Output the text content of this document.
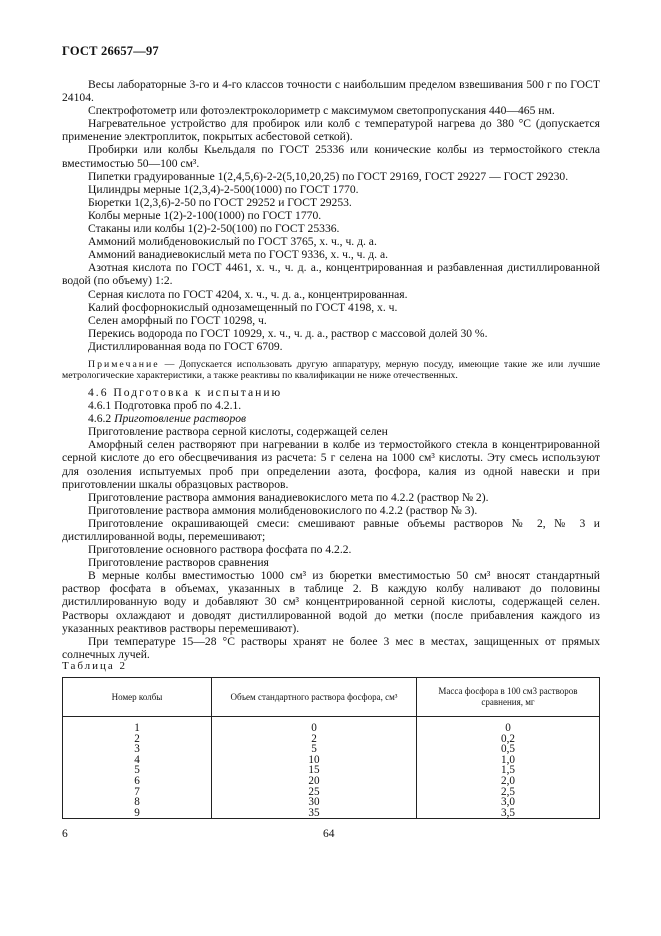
ГОСТ 26657—97

Весы лабораторные 3-го и 4-го классов точности с наибольшим пределом взвешивания 500 г по ГОСТ 24104.

Спектрофотометр или фотоэлектроколориметр с максимумом светопропускания 440—465 нм.

Нагревательное устройство для пробирок или колб с температурой нагрева до 380 °С (допускается применение электроплиток, покрытых асбестовой сеткой).

Пробирки или колбы Кьельдаля по ГОСТ 25336 или конические колбы из термостойкого стекла вместимостью 50—100 см³.

Пипетки градуированные 1(2,4,5,6)-2-2(5,10,20,25) по ГОСТ 29169, ГОСТ 29227 — ГОСТ 29230.

Цилиндры мерные 1(2,3,4)-2-500(1000) по ГОСТ 1770.

Бюретки 1(2,3,6)-2-50 по ГОСТ 29252 и ГОСТ 29253.

Колбы мерные 1(2)-2-100(1000) по ГОСТ 1770.

Стаканы или колбы 1(2)-2-50(100) по ГОСТ 25336.

Аммоний молибденовокислый по ГОСТ 3765, х. ч., ч. д. а.

Аммоний ванадиевокислый мета по ГОСТ 9336, х. ч., ч. д. а.

Азотная кислота по ГОСТ 4461, х. ч., ч. д. а., концентрированная и разбавленная дистиллированной водой (по объему) 1:2.

Серная кислота по ГОСТ 4204, х. ч., ч. д. а., концентрированная.

Калий фосфорнокислый однозамещенный по ГОСТ 4198, х. ч.

Селен аморфный по ГОСТ 10298, ч.

Перекись водорода по ГОСТ 10929, х. ч., ч. д. а., раствор с массовой долей 30 %.

Дистиллированная вода по ГОСТ 6709.

Примечание — Допускается использовать другую аппаратуру, мерную посуду, имеющие такие же или лучшие метрологические характеристики, а также реактивы по квалификации не ниже отечественных.

4.6 Подготовка к испытанию

4.6.1 Подготовка проб по 4.2.1.

4.6.2 Приготовление растворов

Приготовление раствора серной кислоты, содержащей селен

Аморфный селен растворяют при нагревании в колбе из термостойкого стекла в концентрированной серной кислоте до его обесцвечивания из расчета: 5 г селена на 1000 см³ кислоты. Эту смесь используют для озоления испытуемых проб при определении азота, фосфора, калия из одной навески и при приготовлении шкалы образцовых растворов.

Приготовление раствора аммония ванадиевокислого мета по 4.2.2 (раствор № 2).

Приготовление раствора аммония молибденовокислого по 4.2.2 (раствор № 3).

Приготовление окрашивающей смеси: смешивают равные объемы растворов № 2, № 3 и дистиллированной воды, перемешивают;

Приготовление основного раствора фосфата по 4.2.2.

Приготовление растворов сравнения

В мерные колбы вместимостью 1000 см³ из бюретки вместимостью 50 см³ вносят стандартный раствор фосфата в объемах, указанных в таблице 2. В каждую колбу наливают до половины дистиллированную воду и добавляют 30 см³ концентрированной серной кислоты, содержащей селен. Растворы охлаждают и доводят дистиллированной водой до метки (после прибавления каждого из указанных реактивов растворы перемешивают).

При температуре 15—28 °С растворы хранят не более 3 мес в местах, защищенных от прямых солнечных лучей.

Таблица 2
Номер колбы	Объем стандартного раствора фосфора, см³	Масса фосфора в 100 см3 растворов сравнения, мг
1	0	0
2	2	0,2
3	5	0,5
4	10	1,0
5	15	1,5
6	20	2,0
7	25	2,5
8	30	3,0
9	35	3,5
6	64
